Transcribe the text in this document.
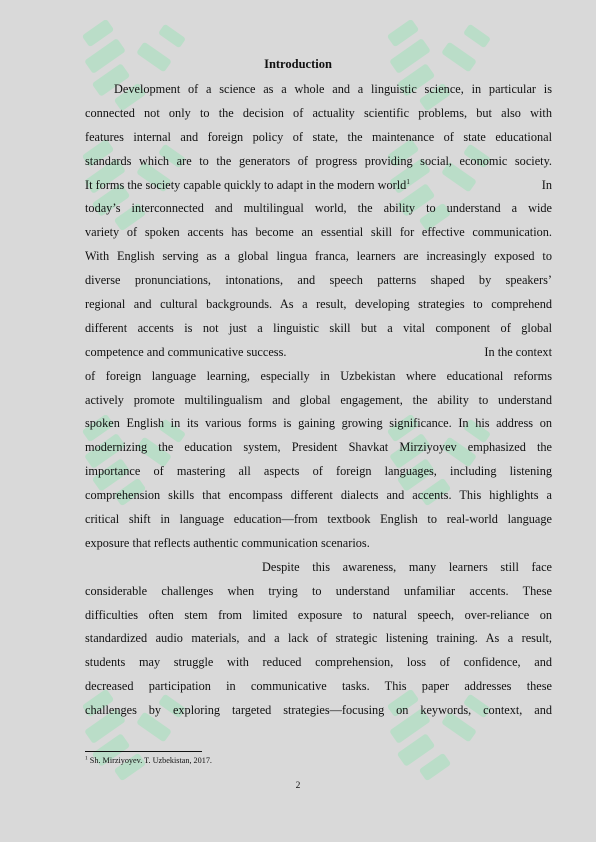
Introduction
Development of a science as a whole and a linguistic science, in particular is
connected not only to the decision of actuality scientific problems, but also with
features internal and foreign policy of state, the maintenance of state educational
standards which are to the generators of progress providing social, economic society.
It forms the society capable quickly to adapt in the modern world$^1$	In
today’s interconnected and multilingual world, the ability to understand a wide
variety of spoken accents has become an essential skill for effective communication.
With English serving as a global lingua franca, learners are increasingly exposed to
diverse pronunciations, intonations, and speech patterns shaped by speakers’
regional and cultural backgrounds. As a result, developing strategies to comprehend
different accents is not just a linguistic skill but a vital component of global
competence and communicative success.	In the context
of foreign language learning, especially in Uzbekistan where educational reforms
actively promote multilingualism and global engagement, the ability to understand
spoken English in its various forms is gaining growing significance. In his address on
modernizing the education system, President Shavkat Mirziyoyev emphasized the
importance of mastering all aspects of foreign languages, including listening
comprehension skills that encompass different dialects and accents. This highlights a
critical shift in language education—from textbook English to real-world language
exposure that reflects authentic communication scenarios.
Despite this awareness, many learners still face
considerable challenges when trying to understand unfamiliar accents. These
difficulties often stem from limited exposure to natural speech, over-reliance on
standardized audio materials, and a lack of strategic listening training. As a result,
students may struggle with reduced comprehension, loss of confidence, and
decreased participation in communicative tasks. This paper addresses these
challenges by exploring targeted strategies—focusing on keywords, context, and
$^1$ Sh. Mirziyoyev. T. Uzbekistan, 2017.
2
